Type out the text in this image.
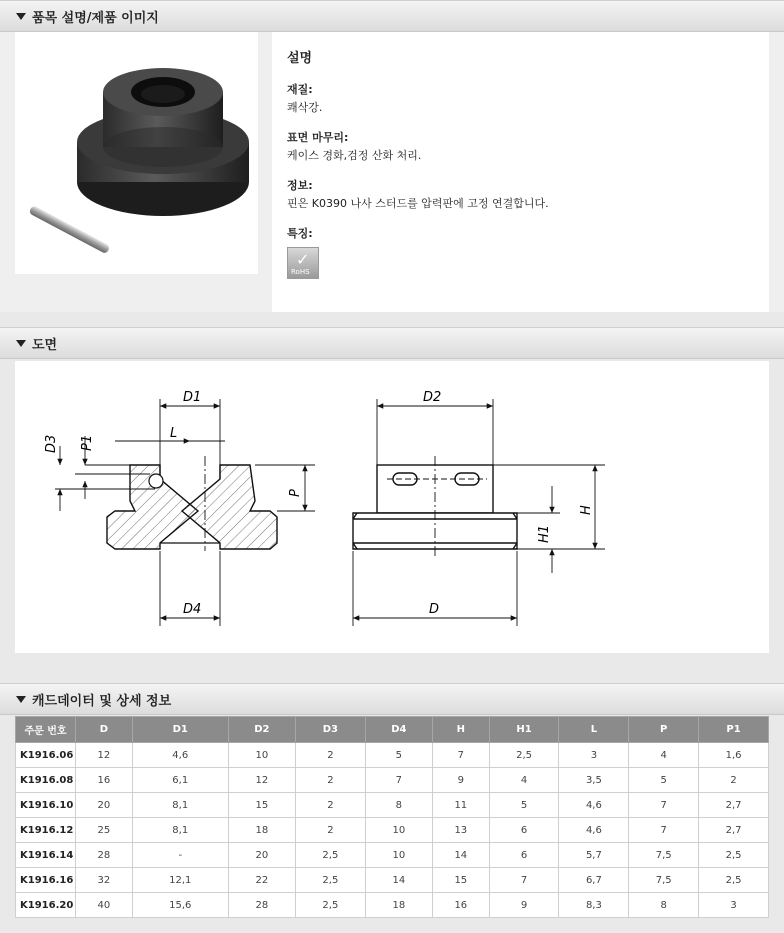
품목 설명/제품 이미지
설명
재질:
쾌삭강.
표면 마무리:
케이스 경화,검정 산화 처리.
정보:
핀은 K0390 나사 스터드를 압력판에 고정 연결합니다.
특징:
✓
RoHS
도면
D1
L
D4
D3 P1
P
D2
D
H
H1
캐드데이터 및 상세 정보
주문 번호	D	D1	D2	D3	D4	H	H1	L	P	P1
K1916.06	12	4,6	10	2	5	7	2,5	3	4	1,6
K1916.08	16	6,1	12	2	7	9	4	3,5	5	2
K1916.10	20	8,1	15	2	8	11	5	4,6	7	2,7
K1916.12	25	8,1	18	2	10	13	6	4,6	7	2,7
K1916.14	28	-	20	2,5	10	14	6	5,7	7,5	2,5
K1916.16	32	12,1	22	2,5	14	15	7	6,7	7,5	2,5
K1916.20	40	15,6	28	2,5	18	16	9	8,3	8	3
